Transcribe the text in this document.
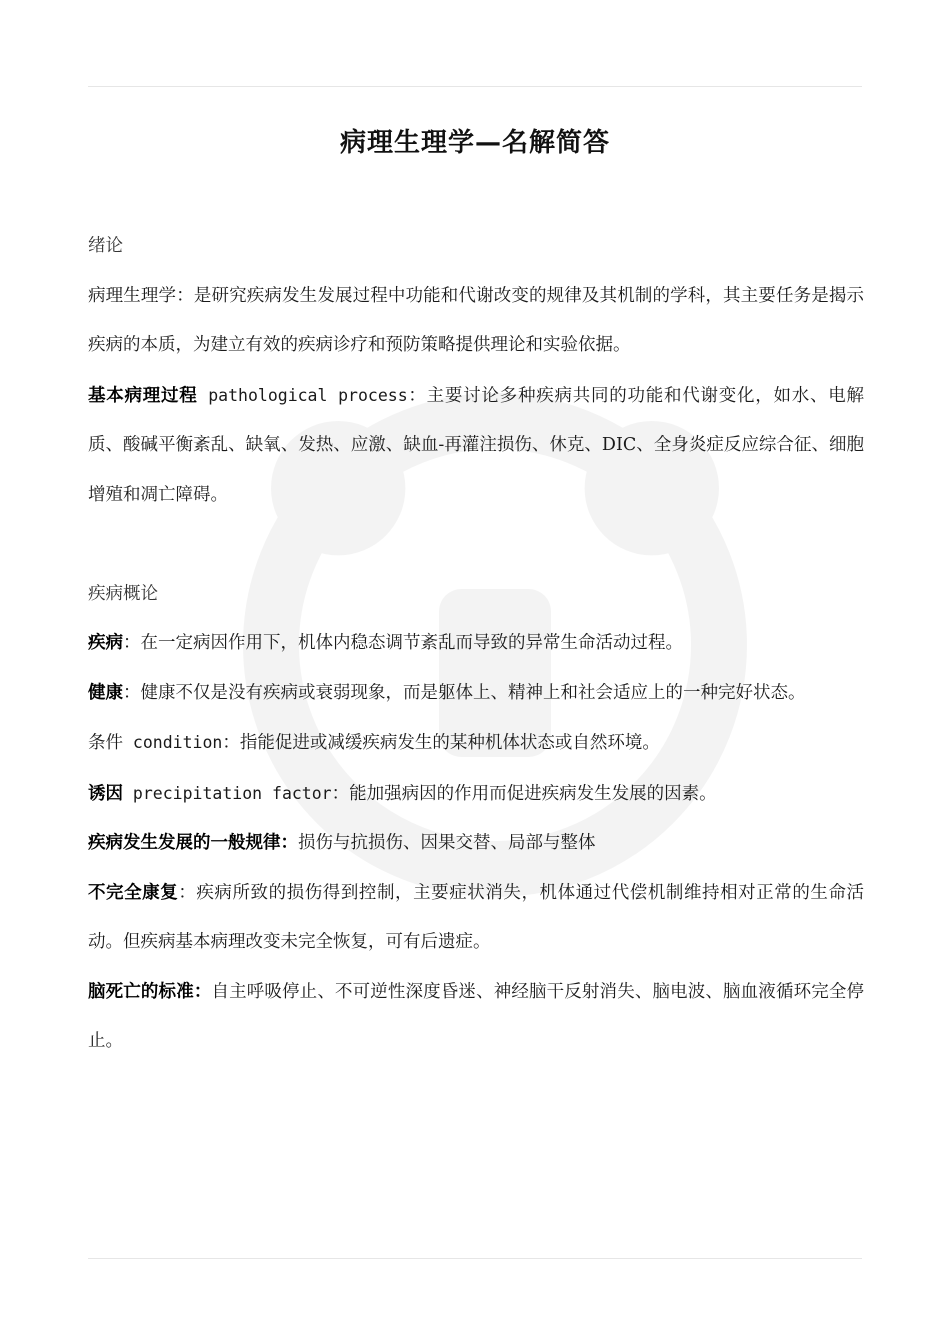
病理生理学—名解简答

绪论

病理生理学：是研究疾病发生发展过程中功能和代谢改变的规律及其机制的学科，其主要任务是揭示疾病的本质，为建立有效的疾病诊疗和预防策略提供理论和实验依据。

基本病理过程 pathological process：主要讨论多种疾病共同的功能和代谢变化，如水、电解质、酸碱平衡紊乱、缺氧、发热、应激、缺血-再灌注损伤、休克、DIC、全身炎症反应综合征、细胞增殖和凋亡障碍。

疾病概论

疾病：在一定病因作用下，机体内稳态调节紊乱而导致的异常生命活动过程。

健康：健康不仅是没有疾病或衰弱现象，而是躯体上、精神上和社会适应上的一种完好状态。

条件 condition：指能促进或减缓疾病发生的某种机体状态或自然环境。

诱因 precipitation factor：能加强病因的作用而促进疾病发生发展的因素。

疾病发生发展的一般规律：损伤与抗损伤、因果交替、局部与整体

不完全康复：疾病所致的损伤得到控制，主要症状消失，机体通过代偿机制维持相对正常的生命活动。但疾病基本病理改变未完全恢复，可有后遗症。

脑死亡的标准：自主呼吸停止、不可逆性深度昏迷、神经脑干反射消失、脑电波、脑血液循环完全停止。
